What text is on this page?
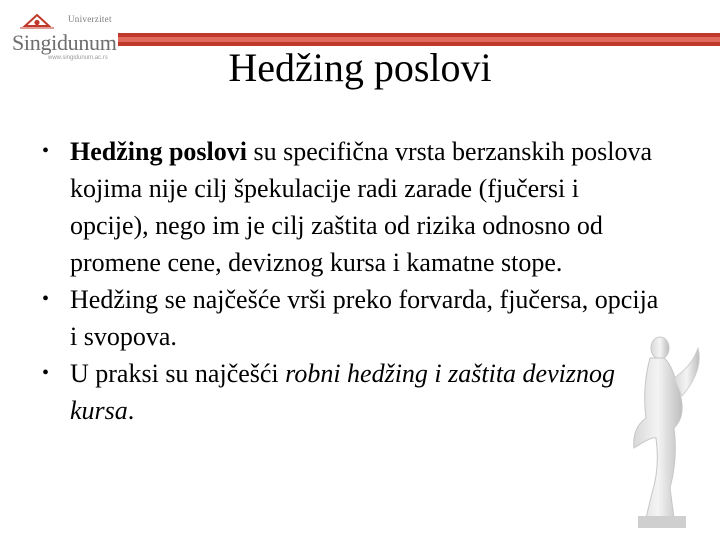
Univerzitet
Singidunum
www.singidunum.ac.rs	Hedžing poslovi
• Hedžing poslovi su specifična vrsta berzanskih poslova kojima nije cilj špekulacije radi zarade (fjučersi i opcije), nego im je cilj zaštita od rizika odnosno od promene cene, deviznog kursa i kamatne stope.
• Hedžing se najčešće vrši preko forvarda, fjučersa, opcija i svopova.
• U praksi su najčešći robni hedžing i zaštita deviznog kursa.
